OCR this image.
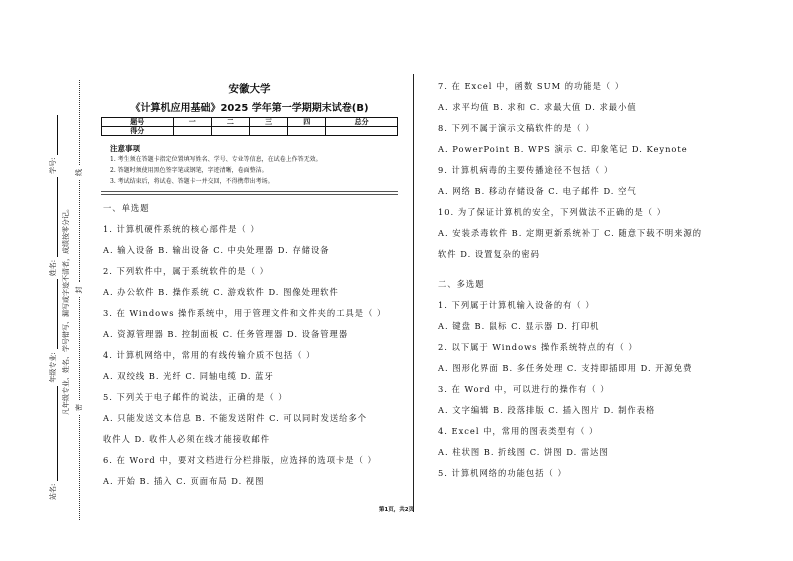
站名:
年级专业:
姓名:
学号:
凡年级专业、姓名、学号错写、漏写或字迹不清者，成绩按零分记。 密
封
线
安徽大学
《计算机应用基础》2025 学年第一学期期末试卷(B)
题号	一	二	三	四	总分
得分					
注意事项
1. 考生须在答题卡指定位置填写姓名、学号、专业等信息，在试卷上作答无效。
2. 答题时须使用黑色签字笔或钢笔，字迹清晰，卷面整洁。
3. 考试结束后，将试卷、答题卡一并交回，不得携带出考场。
一、单选题
1. 计算机硬件系统的核心部件是（ ）
A. 输入设备 B. 输出设备 C. 中央处理器 D. 存储设备
2. 下列软件中，属于系统软件的是（ ）
A. 办公软件 B. 操作系统 C. 游戏软件 D. 图像处理软件
3. 在 Windows 操作系统中，用于管理文件和文件夹的工具是（ ）
A. 资源管理器 B. 控制面板 C. 任务管理器 D. 设备管理器
4. 计算机网络中，常用的有线传输介质不包括（ ）
A. 双绞线 B. 光纤 C. 同轴电缆 D. 蓝牙
5. 下列关于电子邮件的说法，正确的是（ ）
A. 只能发送文本信息 B. 不能发送附件 C. 可以同时发送给多个
收件人 D. 收件人必须在线才能接收邮件
6. 在 Word 中，要对文档进行分栏排版，应选择的选项卡是（ ）
A. 开始 B. 插入 C. 页面布局 D. 视图
7. 在 Excel 中，函数 SUM 的功能是（ ）
A. 求平均值 B. 求和 C. 求最大值 D. 求最小值
8. 下列不属于演示文稿软件的是（ ）
A. PowerPoint B. WPS 演示 C. 印象笔记 D. Keynote
9. 计算机病毒的主要传播途径不包括（ ）
A. 网络 B. 移动存储设备 C. 电子邮件 D. 空气
10. 为了保证计算机的安全，下列做法不正确的是（ ）
A. 安装杀毒软件 B. 定期更新系统补丁 C. 随意下载不明来源的
软件 D. 设置复杂的密码
二、多选题
1. 下列属于计算机输入设备的有（ ）
A. 键盘 B. 鼠标 C. 显示器 D. 打印机
2. 以下属于 Windows 操作系统特点的有（ ）
A. 图形化界面 B. 多任务处理 C. 支持即插即用 D. 开源免费
3. 在 Word 中，可以进行的操作有（ ）
A. 文字编辑 B. 段落排版 C. 插入图片 D. 制作表格
4. Excel 中，常用的图表类型有（ ）
A. 柱状图 B. 折线图 C. 饼图 D. 雷达图
5. 计算机网络的功能包括（ ）
第1页，共2页
